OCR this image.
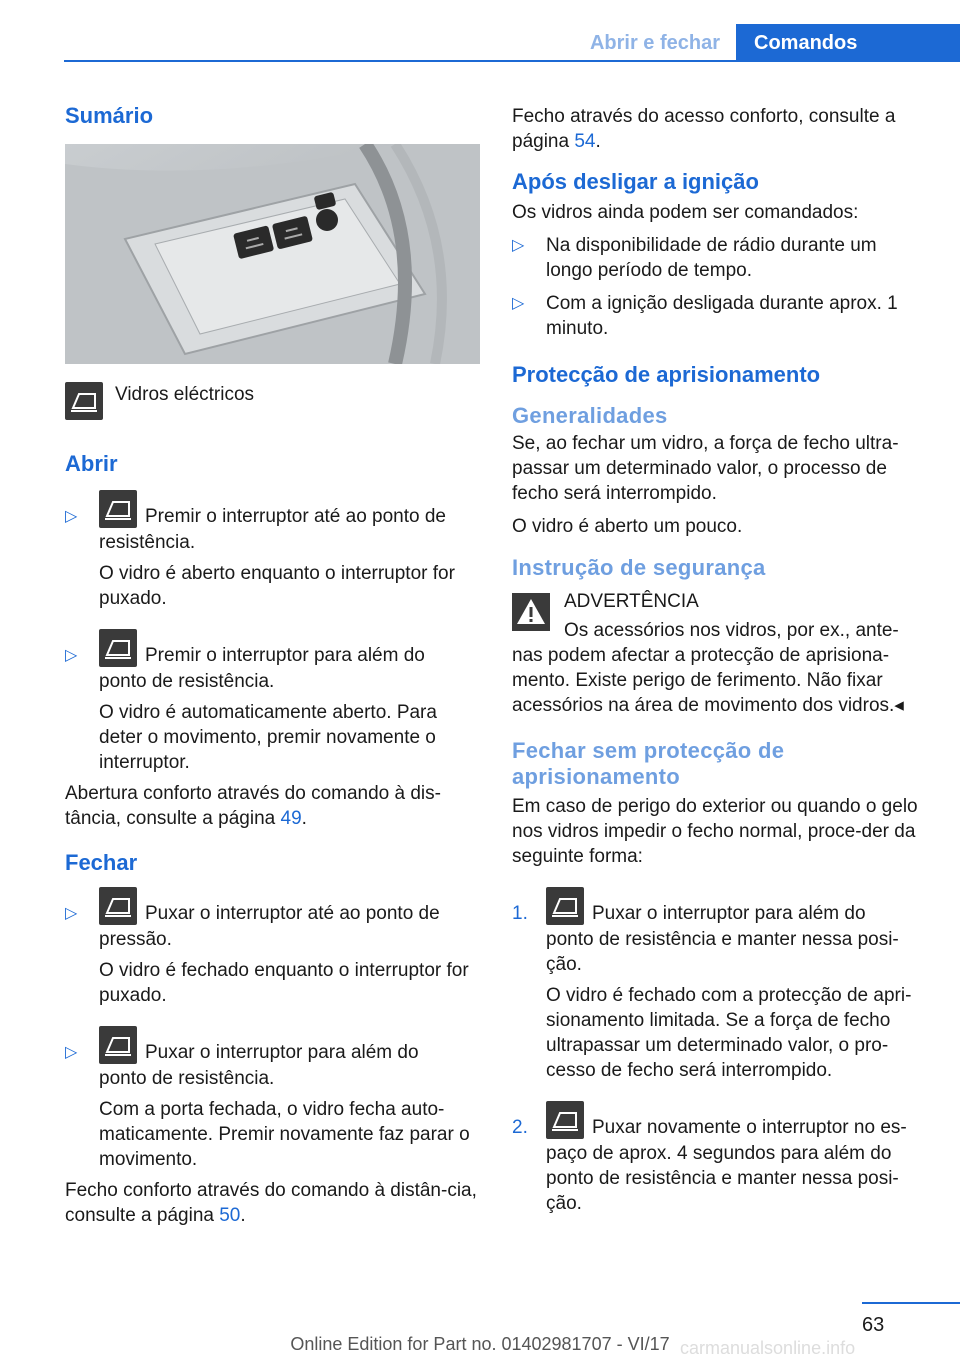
Abrir e fechar	Comandos
Sumário
Vidros eléctricos
Abrir
▷	Premir o interruptor até ao ponto de

resistência.

O vidro é aberto enquanto o interruptor for puxado.

▷	Premir o interruptor para além do

ponto de resistência.

O vidro é automaticamente aberto. Para deter o movimento, premir novamente o interruptor.

Abertura conforto através do comando à dis-tância, consulte a página 49.

Fechar
▷	Puxar o interruptor até ao ponto de

pressão.

O vidro é fechado enquanto o interruptor for puxado.

▷	Puxar o interruptor para além do

ponto de resistência.

Com a porta fechada, o vidro fecha auto-maticamente. Premir novamente faz parar o movimento.

Fecho conforto através do comando à distân-cia, consulte a página 50.

Fecho através do acesso conforto, consulte a página 54.

Após desligar a ignição

Os vidros ainda podem ser comandados:

▷ Na disponibilidade de rádio durante um longo período de tempo.
▷ Com a ignição desligada durante aprox. 1 minuto.
Protecção de aprisionamento
Generalidades

Se, ao fechar um vidro, a força de fecho ultra-passar um determinado valor, o processo de fecho será interrompido.

O vidro é aberto um pouco.

Instrução de segurança

ADVERTÊNCIA

Os acessórios nos vidros, por ex., ante-

nas podem afectar a protecção de aprisiona-mento. Existe perigo de ferimento. Não fixar acessórios na área de movimento dos vidros.◂

Fechar sem protecção de aprisionamento

Em caso de perigo do exterior ou quando o gelo nos vidros impedir o fecho normal, proce-der da seguinte forma:

1.	Puxar o interruptor para além do

ponto de resistência e manter nessa posi-ção.

O vidro é fechado com a protecção de apri-sionamento limitada. Se a força de fecho ultrapassar um determinado valor, o pro-cesso de fecho será interrompido.

2.	Puxar novamente o interruptor no es-

paço de aprox. 4 segundos para além do ponto de resistência e manter nessa posi-ção.

63
Online Edition for Part no. 01402981707 - VI/17 carmanualsonline.info
